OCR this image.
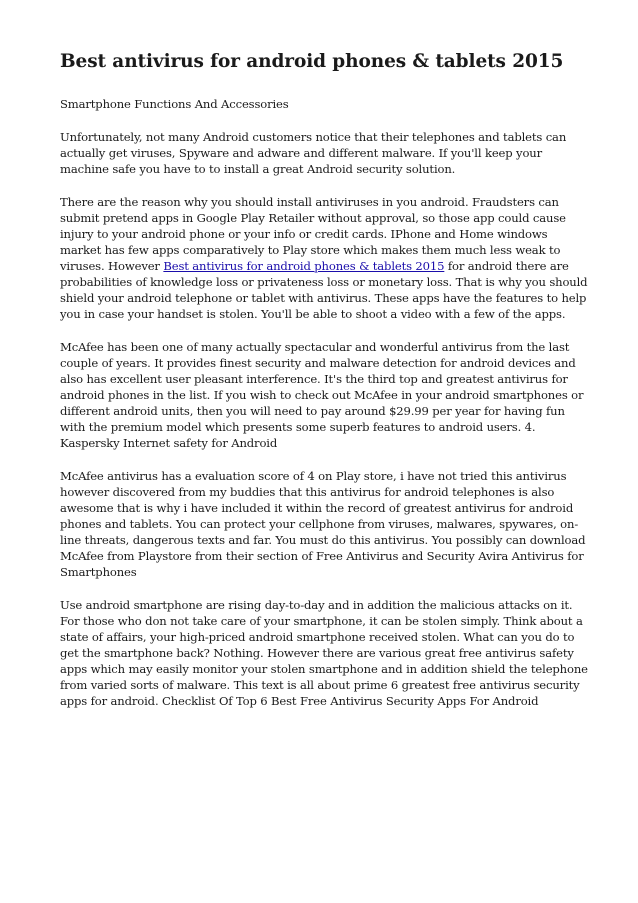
Best antivirus for android phones & tablets 2015

Smartphone Functions And Accessories

Unfortunately, not many Android customers notice that their telephones and tablets can actually get viruses, Spyware and adware and different malware. If you'll keep your machine safe you have to to install a great Android security solution.

There are the reason why you should install antiviruses in you android. Fraudsters can submit pretend apps in Google Play Retailer without approval, so those app could cause injury to your android phone or your info or credit cards. IPhone and Home windows market has few apps comparatively to Play store which makes them much less weak to viruses. However Best antivirus for android phones & tablets 2015 for android there are probabilities of knowledge loss or privateness loss or monetary loss. That is why you should shield your android telephone or tablet with antivirus. These apps have the features to help you in case your handset is stolen. You'll be able to shoot a video with a few of the apps.

McAfee has been one of many actually spectacular and wonderful antivirus from the last couple of years. It provides finest security and malware detection for android devices and also has excellent user pleasant interference. It's the third top and greatest antivirus for android phones in the list. If you wish to check out McAfee in your android smartphones or different android units, then you will need to pay around $29.99 per year for having fun with the premium model which presents some superb features to android users. 4. Kaspersky Internet safety for Android

McAfee antivirus has a evaluation score of 4 on Play store, i have not tried this antivirus however discovered from my buddies that this antivirus for android telephones is also awesome that is why i have included it within the record of greatest antivirus for android phones and tablets. You can protect your cellphone from viruses, malwares, spywares, on-line threats, dangerous texts and far. You must do this antivirus. You possibly can download McAfee from Playstore from their section of Free Antivirus and Security Avira Antivirus for Smartphones

Use android smartphone are rising day-to-day and in addition the malicious attacks on it. For those who don not take care of your smartphone, it can be stolen simply. Think about a state of affairs, your high-priced android smartphone received stolen. What can you do to get the smartphone back? Nothing. However there are various great free antivirus safety apps which may easily monitor your stolen smartphone and in addition shield the telephone from varied sorts of malware. This text is all about prime 6 greatest free antivirus security apps for android. Checklist Of Top 6 Best Free Antivirus Security Apps For Android
